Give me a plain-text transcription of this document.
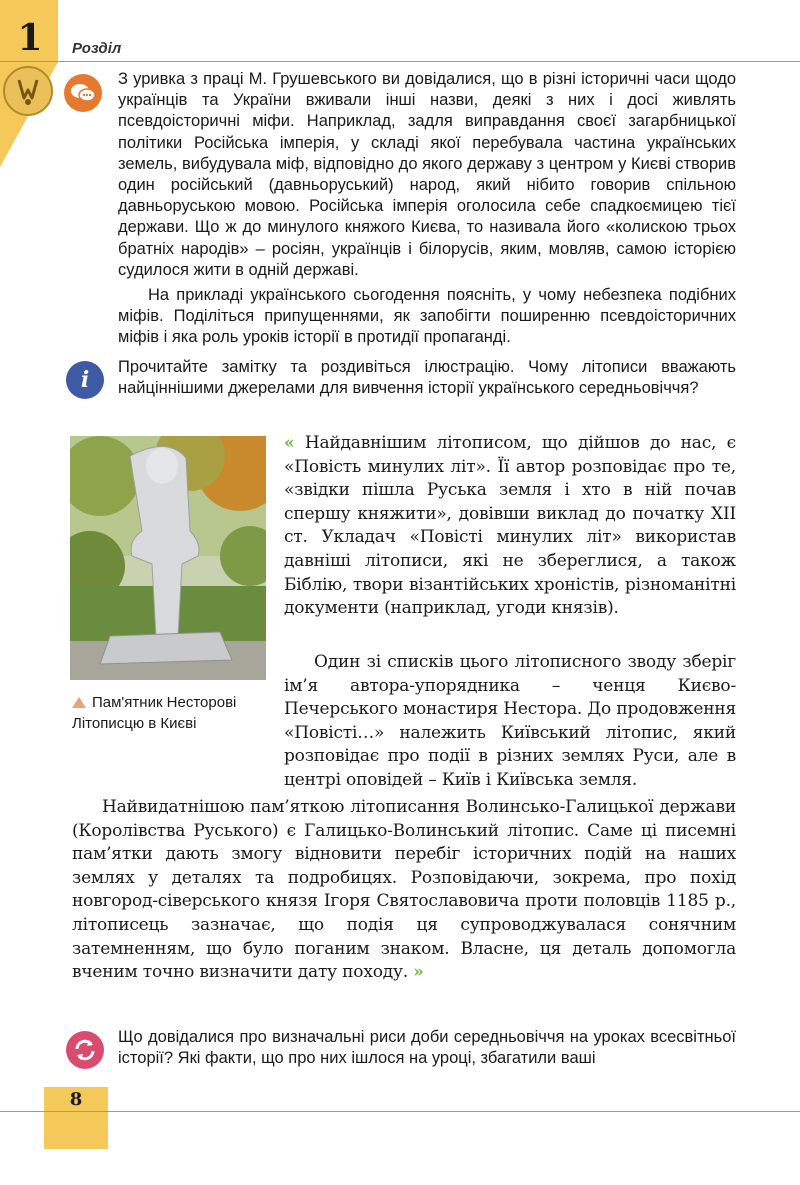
1	Розділ

З уривка з праці М. Грушевського ви довідалися, що в різні історичні часи щодо українців та України вживали інші назви, деякі з них і досі живлять псевдоісторичні міфи. Наприклад, задля виправдання своєї загарбницької політики Російська імперія, у складі якої перебувала частина українських земель, вибудувала міф, відповідно до якого державу з центром у Києві створив один російський (давньоруський) народ, який нібито говорив спільною давньоруською мовою. Російська імперія оголосила себе спадкоємицею тієї держави. Що ж до минулого княжого Києва, то називала його «колискою трьох братніх народів» – росіян, українців і білорусів, яким, мовляв, самою історією судилося жити в одній державі.

На прикладі українського сьогодення поясніть, у чому небезпека подібних міфів. Поділіться припущеннями, як запобігти поширенню псевдоісторичних міфів і яка роль уроків історії в протидії пропаганді.

i Прочитайте замітку та роздивіться ілюстрацію. Чому літописи вважають найціннішими джерелами для вивчення історії українського середньовіччя?

Пам'ятник Несторові Літописцю в Києві

« Найдавнішим літописом, що дійшов до нас, є «Повість минулих літ». Її автор розповідає про те, «звідки пішла Руська земля і хто в ній почав спершу княжити», довівши виклад до початку XII ст. Укладач «Повісті минулих літ» використав давніші літописи, які не збереглися, а також Біблію, твори візантійських хроністів, різноманітні документи (наприклад, угоди князів).

Один зі списків цього літописного зводу зберіг ім’я автора-упорядника – ченця Києво-Печерського монастиря Нестора. До продовження «Повісті…» належить Київський літопис, який розповідає про події в різних землях Руси, але в центрі оповідей – Київ і Київська земля.

Найвидатнішою пам’яткою літописання Волинсько-Галицької держави (Королівства Руського) є Галицько-Волинський літопис. Саме ці писемні пам’ятки дають змогу відновити перебіг історичних подій на наших землях у деталях та подробицях. Розповідаючи, зокрема, про похід новгород-сіверського князя Ігоря Святославовича проти половців 1185 р., літописець зазначає, що подія ця супроводжувалася сонячним затемненням, що було поганим знаком. Власне, ця деталь допомогла вченим точно визначити дату походу. »

Що довідалися про визначальні риси доби середньовіччя на уроках всесвітньої історії? Які факти, що про них ішлося на уроці, збагатили ваші

8
